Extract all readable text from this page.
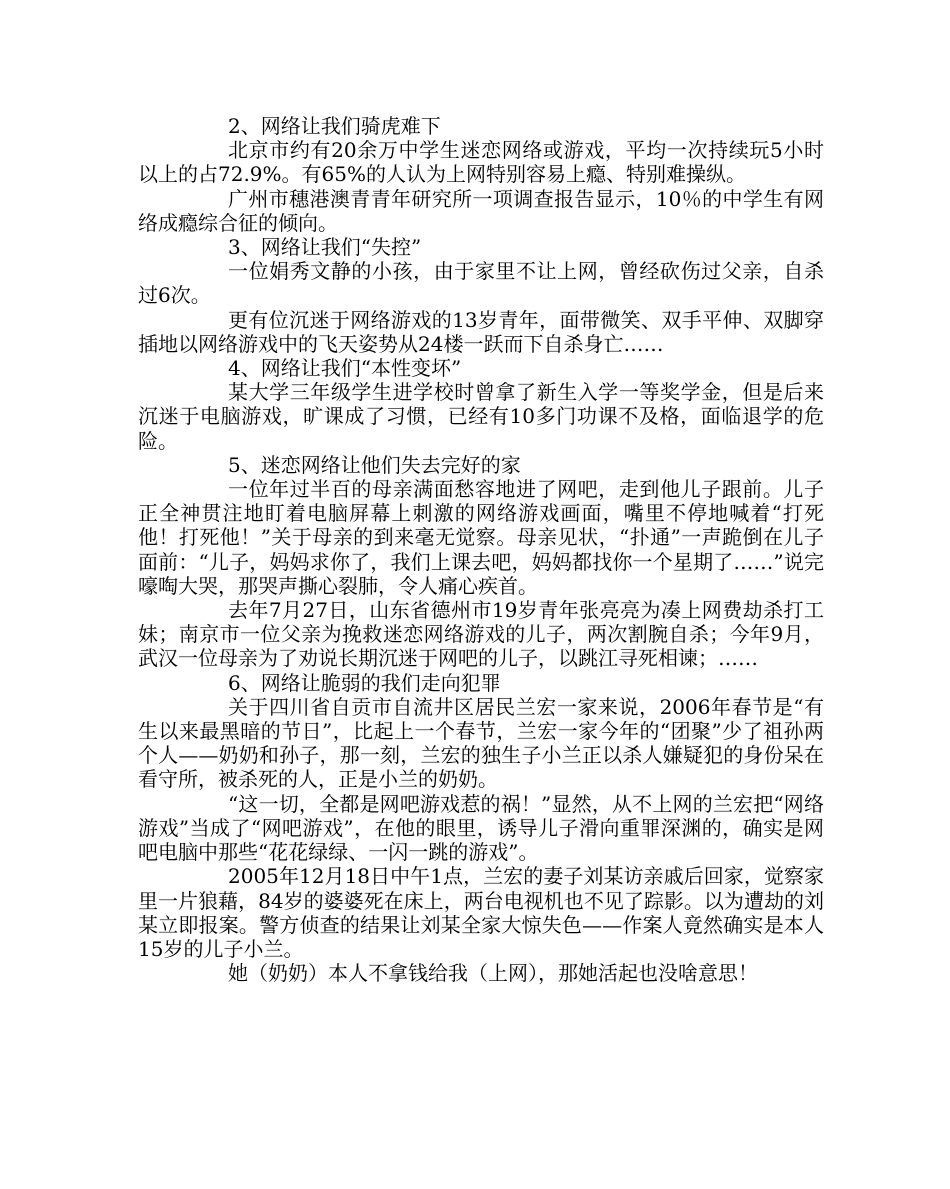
2、网络让我们骑虎难下

北京市约有20余万中学生迷恋网络或游戏，平均一次持续玩5小时以上的占72.9%。有65%的人认为上网特别容易上瘾、特别难操纵。

广州市穗港澳青青年研究所一项调查报告显示，10％的中学生有网络成瘾综合征的倾向。

3、网络让我们“失控”

一位娟秀文静的小孩，由于家里不让上网，曾经砍伤过父亲，自杀过6次。

更有位沉迷于网络游戏的13岁青年，面带微笑、双手平伸、双脚穿插地以网络游戏中的飞天姿势从24楼一跃而下自杀身亡……

4、网络让我们“本性变坏”

某大学三年级学生进学校时曾拿了新生入学一等奖学金，但是后来沉迷于电脑游戏，旷课成了习惯，已经有10多门功课不及格，面临退学的危险。

5、迷恋网络让他们失去完好的家

一位年过半百的母亲满面愁容地进了网吧，走到他儿子跟前。儿子正全神贯注地盯着电脑屏幕上刺激的网络游戏画面，嘴里不停地喊着“打死他！打死他！”关于母亲的到来毫无觉察。母亲见状，“扑通”一声跪倒在儿子面前：“儿子，妈妈求你了，我们上课去吧，妈妈都找你一个星期了……”说完嚎啕大哭，那哭声撕心裂肺，令人痛心疾首。

去年7月27日，山东省德州市19岁青年张亮亮为凑上网费劫杀打工妹；南京市一位父亲为挽救迷恋网络游戏的儿子，两次割腕自杀；今年9月，武汉一位母亲为了劝说长期沉迷于网吧的儿子，以跳江寻死相谏；……

6、网络让脆弱的我们走向犯罪

关于四川省自贡市自流井区居民兰宏一家来说，2006年春节是“有生以来最黑暗的节日”，比起上一个春节，兰宏一家今年的“团聚”少了祖孙两个人——奶奶和孙子，那一刻，兰宏的独生子小兰正以杀人嫌疑犯的身份呆在看守所，被杀死的人，正是小兰的奶奶。

“这一切，全都是网吧游戏惹的祸！”显然，从不上网的兰宏把“网络游戏”当成了“网吧游戏”，在他的眼里，诱导儿子滑向重罪深渊的，确实是网吧电脑中那些“花花绿绿、一闪一跳的游戏”。

2005年12月18日中午1点，兰宏的妻子刘某访亲戚后回家，觉察家里一片狼藉，84岁的婆婆死在床上，两台电视机也不见了踪影。以为遭劫的刘某立即报案。警方侦查的结果让刘某全家大惊失色——作案人竟然确实是本人15岁的儿子小兰。

她（奶奶）本人不拿钱给我（上网），那她活起也没啥意思！
